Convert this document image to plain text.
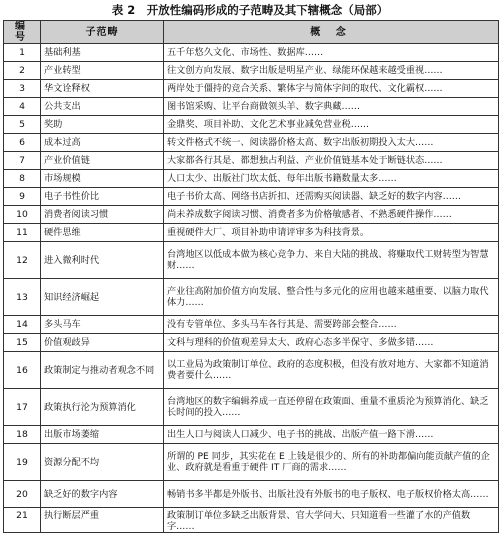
表 2　开放性编码形成的子范畴及其下辖概念（局部）
编 号	子范畴	概 念
1	基础利基	五千年悠久文化、市场性、数据库……
2	产业转型	往文创方向发展、数字出版是明星产业、绿能环保越来越受重视……
3	华文诠释权	两岸处于僵持的竞合关系、繁体字与简体字间的取代、文化霸权……
4	公共支出	图书馆采购、让平台商做领头羊、数字典藏……
5	奖助	金鼎奖、项目补助、文化艺术事业减免营业税……
6	成本过高	转文件格式不统一、阅读器价格太高、数字出版初期投入太大……
7	产业价值链	大家都各行其是、都想独占利益、产业价值链基本处于断链状态……
8	市场规模	人口太少、出版社门坎太低、每年出版书籍数量太多……
9	电子书性价比	电子书价太高、网络书店折扣、还需购买阅读器、缺乏好的数字内容……
10	消费者阅读习惯	尚未养成数字阅读习惯、消费者多为价格敏感者、不熟悉硬件操作……
11	硬件思维	重视硬件大厂、项目补助申请评审多为科技背景。
12	进入微利时代	台湾地区以低成本做为核心竞争力、来自大陆的挑战、将赚取代工财转型为智慧财……
13	知识经济崛起	产业往高附加价值方向发展、整合性与多元化的应用也越来越重要、以脑力取代体力……
14	多头马车	没有专管单位、多头马车各行其是、需要跨部会整合……
15	价值观歧异	文科与理科的价值观差异太大、政府心态多半保守、多做多错……
16	政策制定与推动者观念不同	以工业局为政策制订单位、政府的态度积极，但没有放对地方、大家都不知道消费者要什么……
17	政策执行沦为预算消化	台湾地区的数字编辑养成一直还停留在政策面、重量不重质沦为预算消化、缺乏长时间的投入……
18	出版市场萎缩	出生人口与阅读人口减少、电子书的挑战、出版产值一路下滑……
19	资源分配不均	所谓的 PE 同步，其实花在 E 上钱是很少的、所有的补助都偏向能贡献产值的企业、政府就是看重于硬件 IT 厂商的需求……
20	缺乏好的数字内容	畅销书多半都是外版书、出版社没有外版书的电子版权、电子版权价格太高……
21	执行断层严重	政策制订单位多缺乏出版背景、官大学问大、只知道看一些灌了水的产值数字……
